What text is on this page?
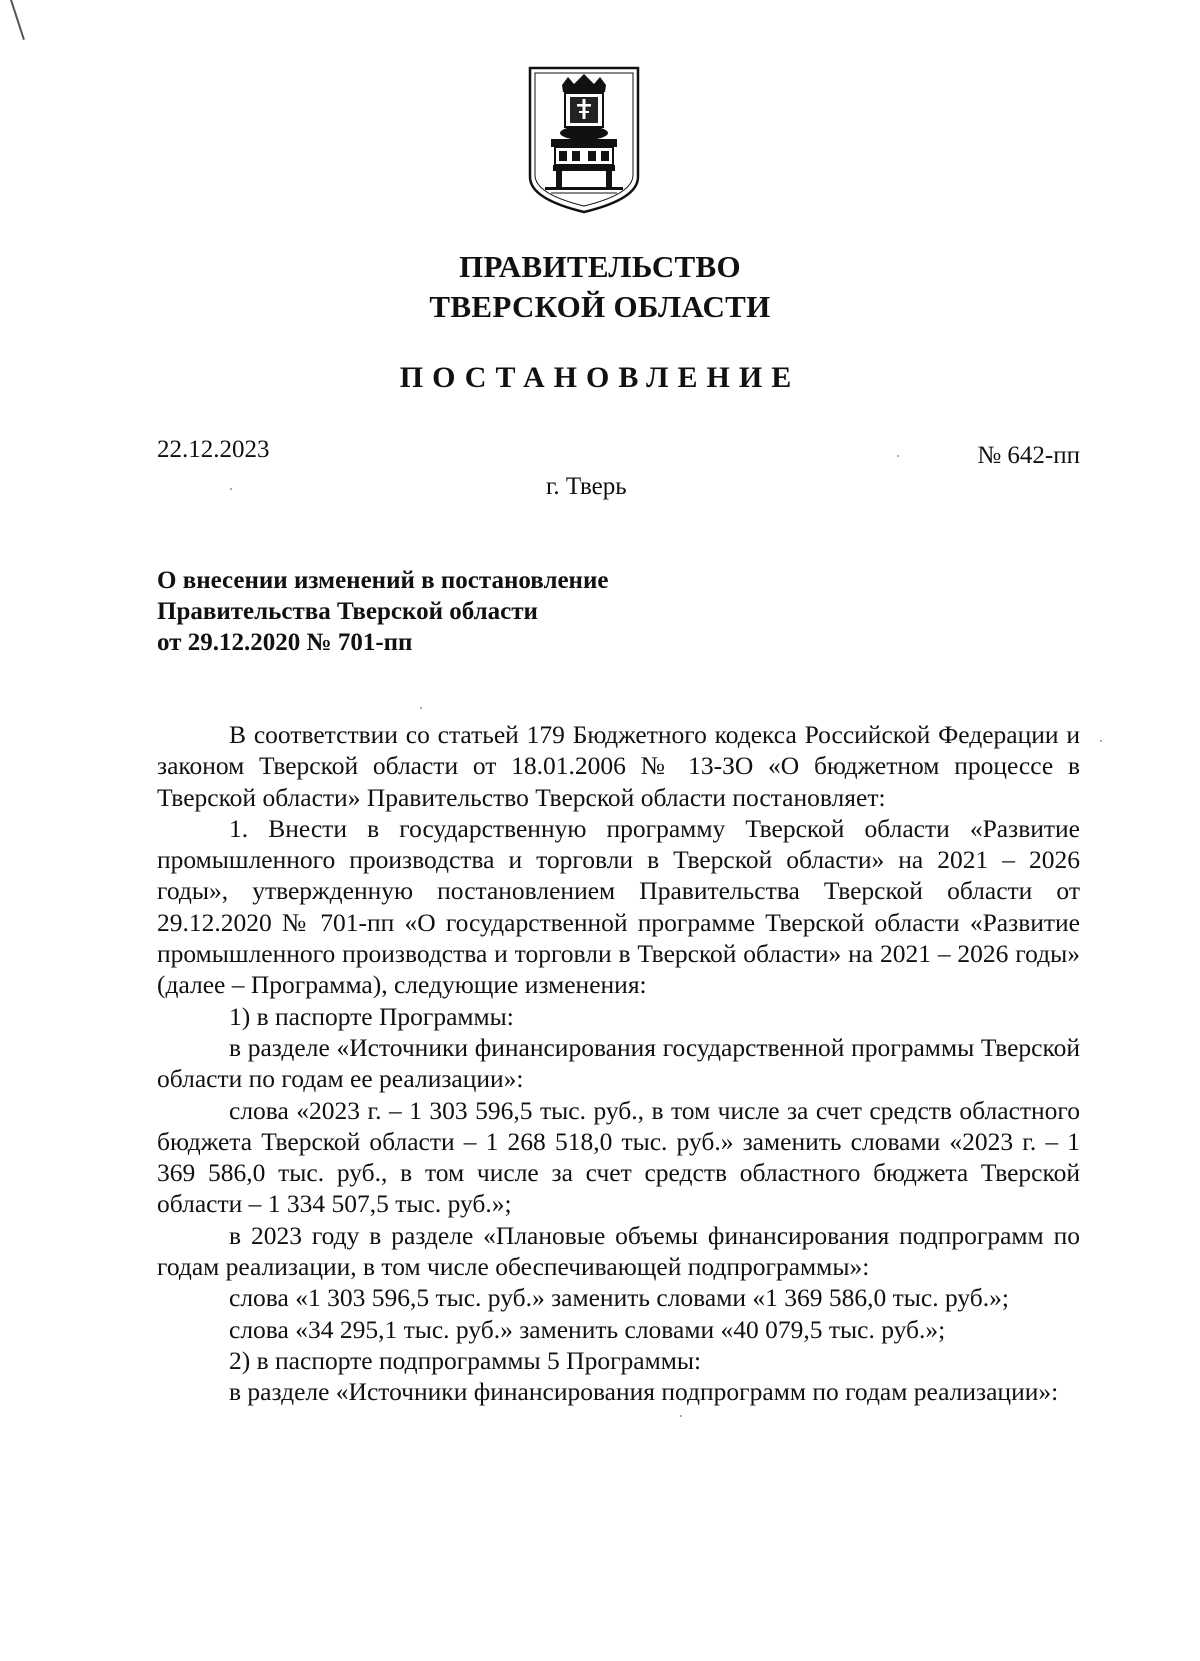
ПРАВИТЕЛЬСТВО
ТВЕРСКОЙ ОБЛАСТИ
ПОСТАНОВЛЕНИЕ
22.12.2023	№ 642-пп
г. Тверь
О внесении изменений в постановление
Правительства Тверской области
от 29.12.2020 № 701-пп

В соответствии со статьей 179 Бюджетного кодекса Российской Федерации и законом Тверской области от 18.01.2006 № 13-ЗО «О бюджетном процессе в Тверской области» Правительство Тверской области постановляет:

1. Внести в государственную программу Тверской области «Развитие промышленного производства и торговли в Тверской области» на 2021 – 2026 годы», утвержденную постановлением Правительства Тверской области от 29.12.2020 № 701-пп «О государственной программе Тверской области «Развитие промышленного производства и торговли в Тверской области» на 2021 – 2026 годы» (далее – Программа), следующие изменения:

1) в паспорте Программы:

в разделе «Источники финансирования государственной программы Тверской области по годам ее реализации»:

слова «2023 г. – 1 303 596,5 тыс. руб., в том числе за счет средств областного бюджета Тверской области – 1 268 518,0 тыс. руб.» заменить словами «2023 г. – 1 369 586,0 тыс. руб., в том числе за счет средств областного бюджета Тверской области – 1 334 507,5 тыс. руб.»;

в 2023 году в разделе «Плановые объемы финансирования подпрограмм по годам реализации, в том числе обеспечивающей подпрограммы»:

слова «1 303 596,5 тыс. руб.» заменить словами «1 369 586,0 тыс. руб.»;

слова «34 295,1 тыс. руб.» заменить словами «40 079,5 тыс. руб.»;

2) в паспорте подпрограммы 5 Программы:

в разделе «Источники финансирования подпрограмм по годам реализации»:
